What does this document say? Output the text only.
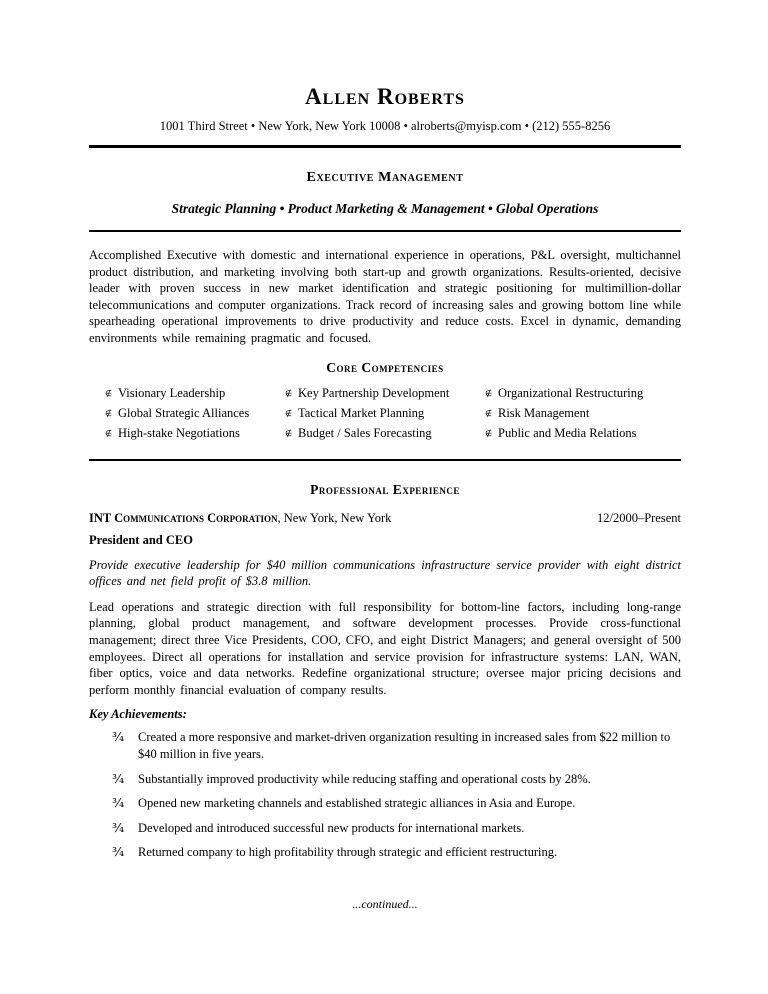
Allen Roberts
1001 Third Street • New York, New York 10008 • alroberts@myisp.com • (212) 555-8256
Executive Management
Strategic Planning • Product Marketing & Management • Global Operations

Accomplished Executive with domestic and international experience in operations, P&L oversight, multichannel product distribution, and marketing involving both start-up and growth organizations. Results-oriented, decisive leader with proven success in new market identification and strategic positioning for multimillion-dollar telecommunications and computer organizations. Track record of increasing sales and growing bottom line while spearheading operational improvements to drive productivity and reduce costs. Excel in dynamic, demanding environments while remaining pragmatic and focused.

Core Competencies
∉ Visionary Leadership	∉ Key Partnership Development	∉ Organizational Restructuring
∉ Global Strategic Alliances	∉ Tactical Market Planning	∉ Risk Management
∉ High-stake Negotiations	∉ Budget / Sales Forecasting	∉ Public and Media Relations
Professional Experience
INT Communications Corporation, New York, New York	12/2000–Present
President and CEO

Provide executive leadership for $40 million communications infrastructure service provider with eight district offices and net field profit of $3.8 million.

Lead operations and strategic direction with full responsibility for bottom-line factors, including long-range planning, global product management, and software development processes. Provide cross-functional management; direct three Vice Presidents, COO, CFO, and eight District Managers; and general oversight of 500 employees. Direct all operations for installation and service provision for infrastructure systems: LAN, WAN, fiber optics, voice and data networks. Redefine organizational structure; oversee major pricing decisions and perform monthly financial evaluation of company results.

Key Achievements:
¾	Created a more responsive and market-driven organization resulting in increased sales from $22 million to $40 million in five years.
¾	Substantially improved productivity while reducing staffing and operational costs by 28%.
¾	Opened new marketing channels and established strategic alliances in Asia and Europe.
¾	Developed and introduced successful new products for international markets.
¾	Returned company to high profitability through strategic and efficient restructuring.
...continued...
